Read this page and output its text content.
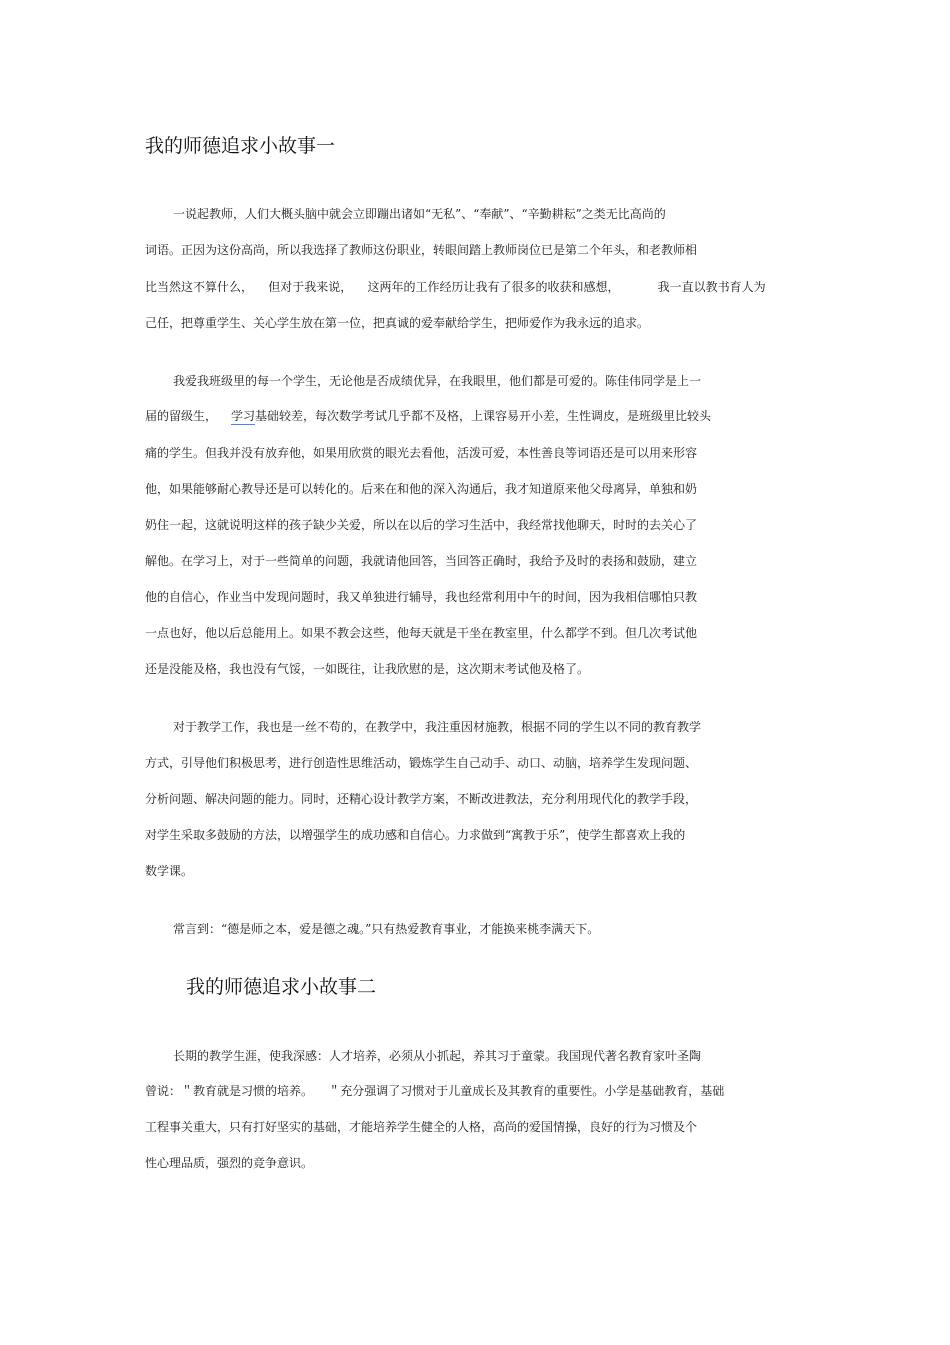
我的师德追求小故事一
一说起教师，人们大概头脑中就会立即蹦出诸如“无私”、“奉献”、“辛勤耕耘”之类无比高尚的
词语。正因为这份高尚，所以我选择了教师这份职业，转眼间踏上教师岗位已是第二个年头，和老教师相
比当然这不算什么，    但对于我来说，    这两年的工作经历让我有了很多的收获和感想，          我一直以教书育人为
己任，把尊重学生、关心学生放在第一位，把真诚的爱奉献给学生，把师爱作为我永远的追求。
我爱我班级里的每一个学生，无论他是否成绩优异，在我眼里，他们都是可爱的。陈佳伟同学是上一
届的留级生， 学习基础较差，每次数学考试几乎都不及格，上课容易开小差，生性调皮，是班级里比较头
痛的学生。但我并没有放弃他，如果用欣赏的眼光去看他，活泼可爱，本性善良等词语还是可以用来形容
他，如果能够耐心教导还是可以转化的。后来在和他的深入沟通后，我才知道原来他父母离异，单独和奶
奶住一起，这就说明这样的孩子缺少关爱，所以在以后的学习生活中，我经常找他聊天，时时的去关心了
解他。在学习上，对于一些简单的问题，我就请他回答，当回答正确时，我给予及时的表扬和鼓励，建立
他的自信心，作业当中发现问题时，我又单独进行辅导，我也经常利用中午的时间，因为我相信哪怕只教
一点也好，他以后总能用上。如果不教会这些，他每天就是干坐在教室里，什么都学不到。但几次考试他
还是没能及格，我也没有气馁，一如既往，让我欣慰的是，这次期末考试他及格了。
对于教学工作，我也是一丝不苟的，在教学中，我注重因材施教，根据不同的学生以不同的教育教学
方式，引导他们积极思考，进行创造性思维活动，锻炼学生自己动手、动口、动脑，培养学生发现问题、
分析问题、解决问题的能力。同时，还精心设计教学方案，不断改进教法，充分利用现代化的教学手段，
对学生采取多鼓励的方法，以增强学生的成功感和自信心。力求做到“寓教于乐”，使学生都喜欢上我的
数学课。
常言到：“德是师之本，爱是德之魂。”只有热爱教育事业，才能换来桃李满天下。
我的师德追求小故事二
长期的教学生涯，使我深感：人才培养，必须从小抓起，养其习于童蒙。我国现代著名教育家叶圣陶
曾说：＂教育就是习惯的培养。    ＂充分强调了习惯对于儿童成长及其教育的重要性。小学是基础教育，基础
工程事关重大，只有打好坚实的基础，才能培养学生健全的人格，高尚的爱国情操，良好的行为习惯及个
性心理品质，强烈的竞争意识。
